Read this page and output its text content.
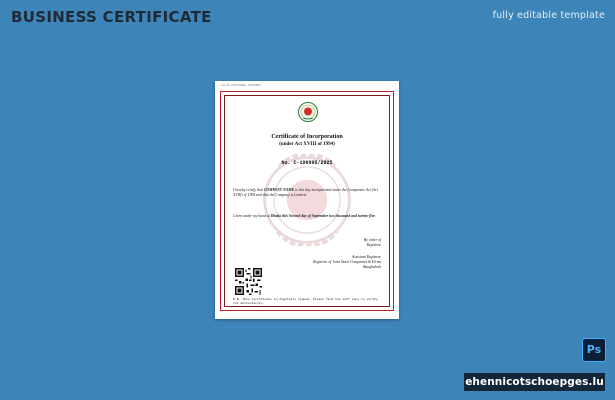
BUSINESS CERTIFICATE	fully editable template
Cert. No. 1234/5 Dhaka - 2025/00000
Certificate of Incorporation
(under Act XVIII of 1994)
No. C-196995/2025
I hereby certify that COMPANY NAME is this day incorporated under the Companies Act (Act XVIII) of 1994 and that the Company is Limited.
Given under my hand at Dhaka this Second day of September two thousand and twenty-five.
By order of
Registrar
Assistant Registrar
Registrar of Joint Stock Companies & Firms
Bangladesh
N.B. This certificate is digitally signed. Please find the soft copy to verify the authenticity.
Ps
ehennicotschoepges.lu
